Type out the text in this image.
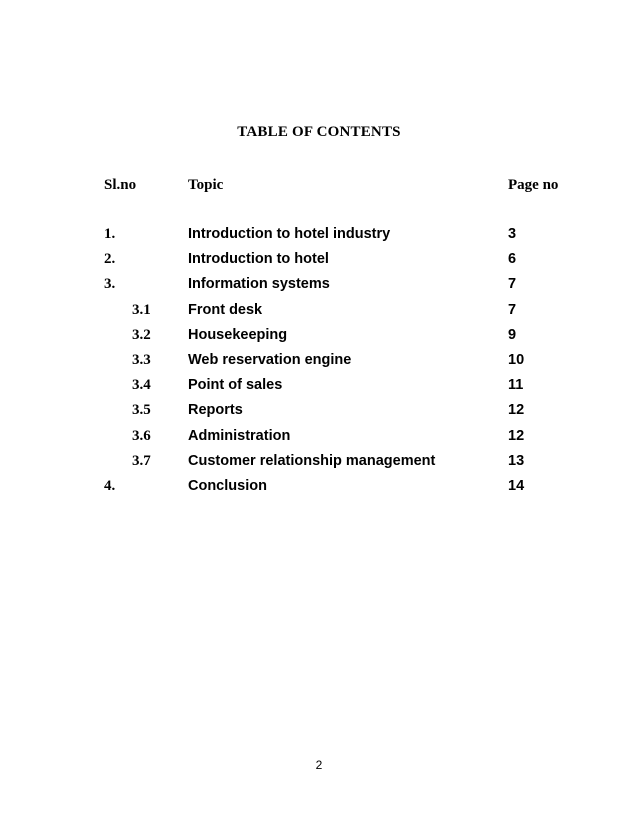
TABLE OF CONTENTS
Sl.no	Topic	Page no
1.	Introduction to hotel industry	3
2.	Introduction to hotel	6
3.	Information systems	7
3.1	Front desk	7
3.2	Housekeeping	9
3.3	Web reservation engine	10
3.4	Point of sales	11
3.5	Reports	12
3.6	Administration	12
3.7	Customer relationship management	13
4.	Conclusion	14
2
